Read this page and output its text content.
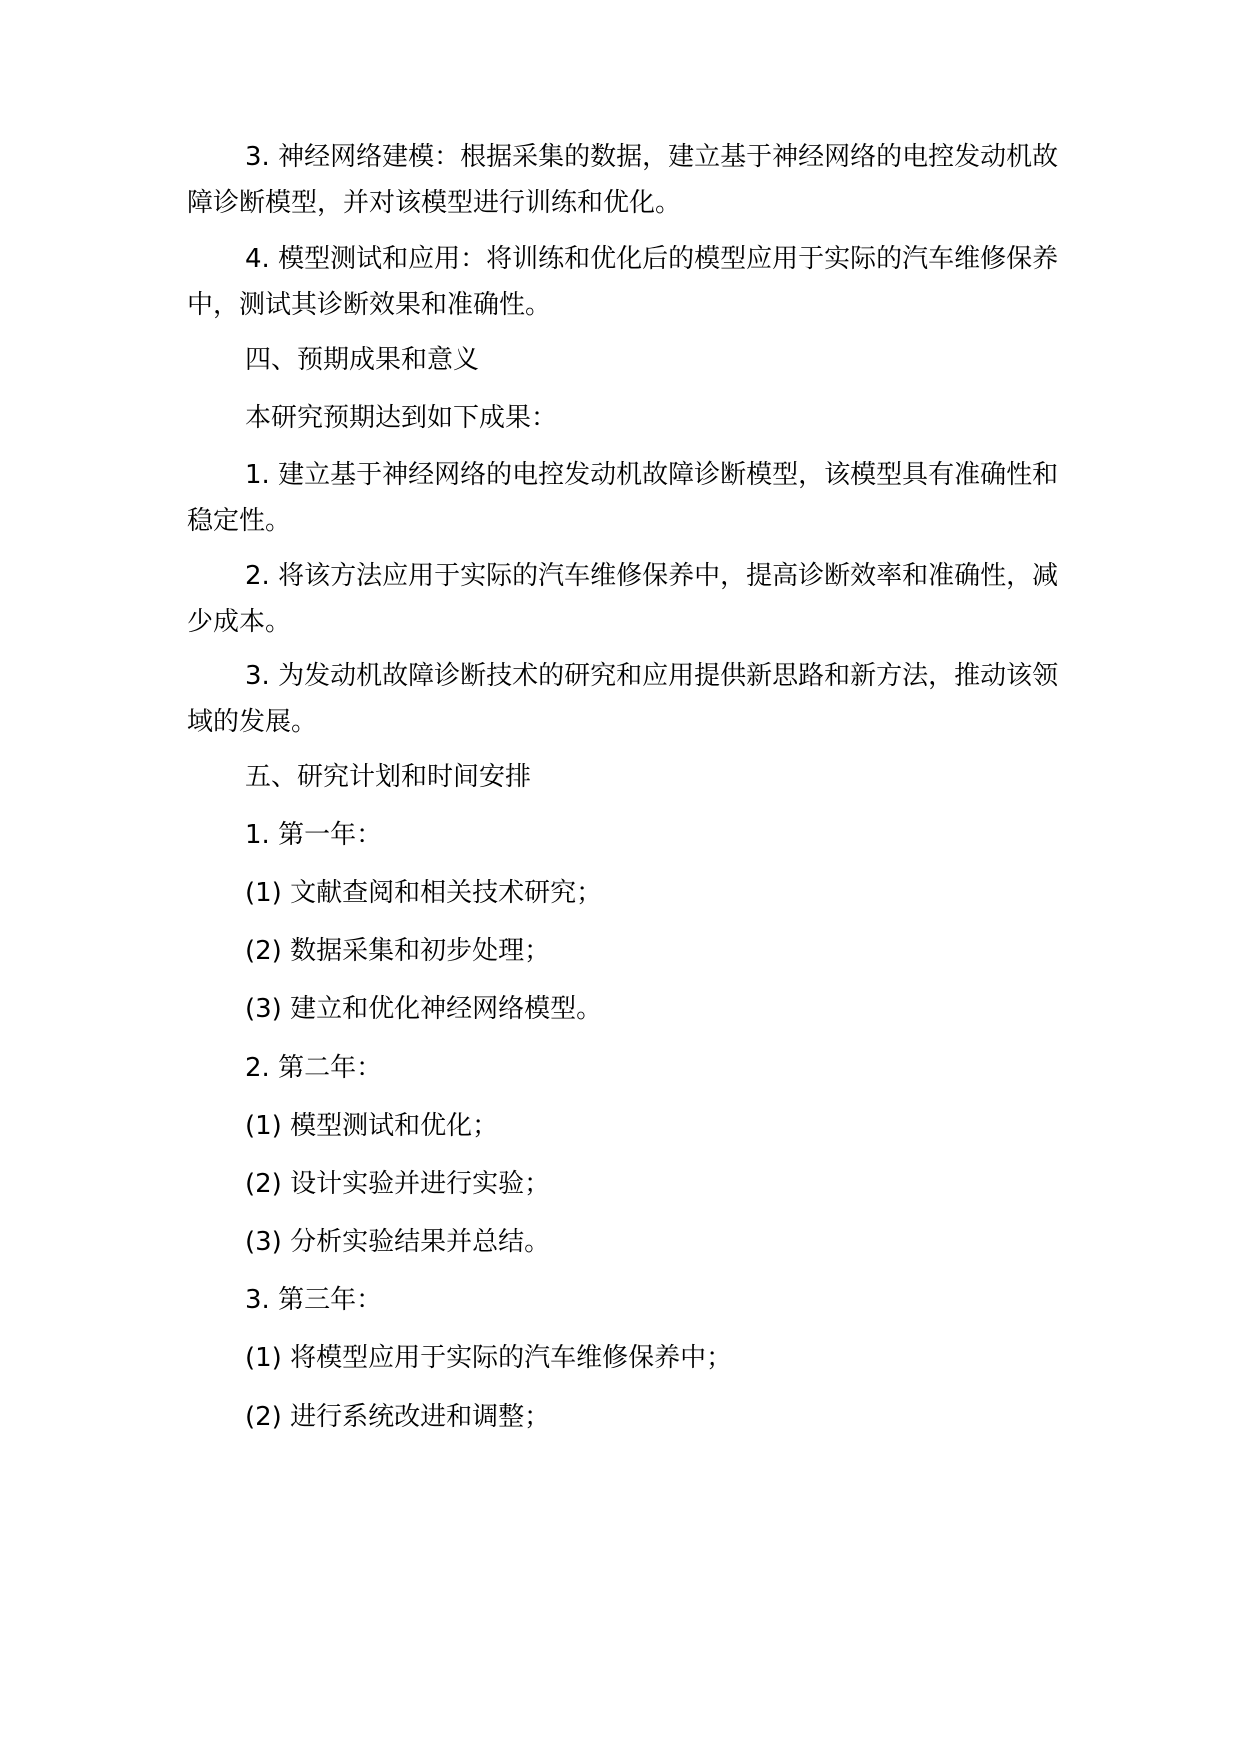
3. 神经网络建模：根据采集的数据，建立基于神经网络的电控发动机故障诊断模型，并对该模型进行训练和优化。

4. 模型测试和应用：将训练和优化后的模型应用于实际的汽车维修保养中，测试其诊断效果和准确性。

四、预期成果和意义

本研究预期达到如下成果：

1. 建立基于神经网络的电控发动机故障诊断模型，该模型具有准确性和稳定性。

2. 将该方法应用于实际的汽车维修保养中，提高诊断效率和准确性，减少成本。

3. 为发动机故障诊断技术的研究和应用提供新思路和新方法，推动该领域的发展。

五、研究计划和时间安排

1. 第一年：

(1) 文献查阅和相关技术研究；

(2) 数据采集和初步处理；

(3) 建立和优化神经网络模型。

2. 第二年：

(1) 模型测试和优化；

(2) 设计实验并进行实验；

(3) 分析实验结果并总结。

3. 第三年：

(1) 将模型应用于实际的汽车维修保养中；

(2) 进行系统改进和调整；
